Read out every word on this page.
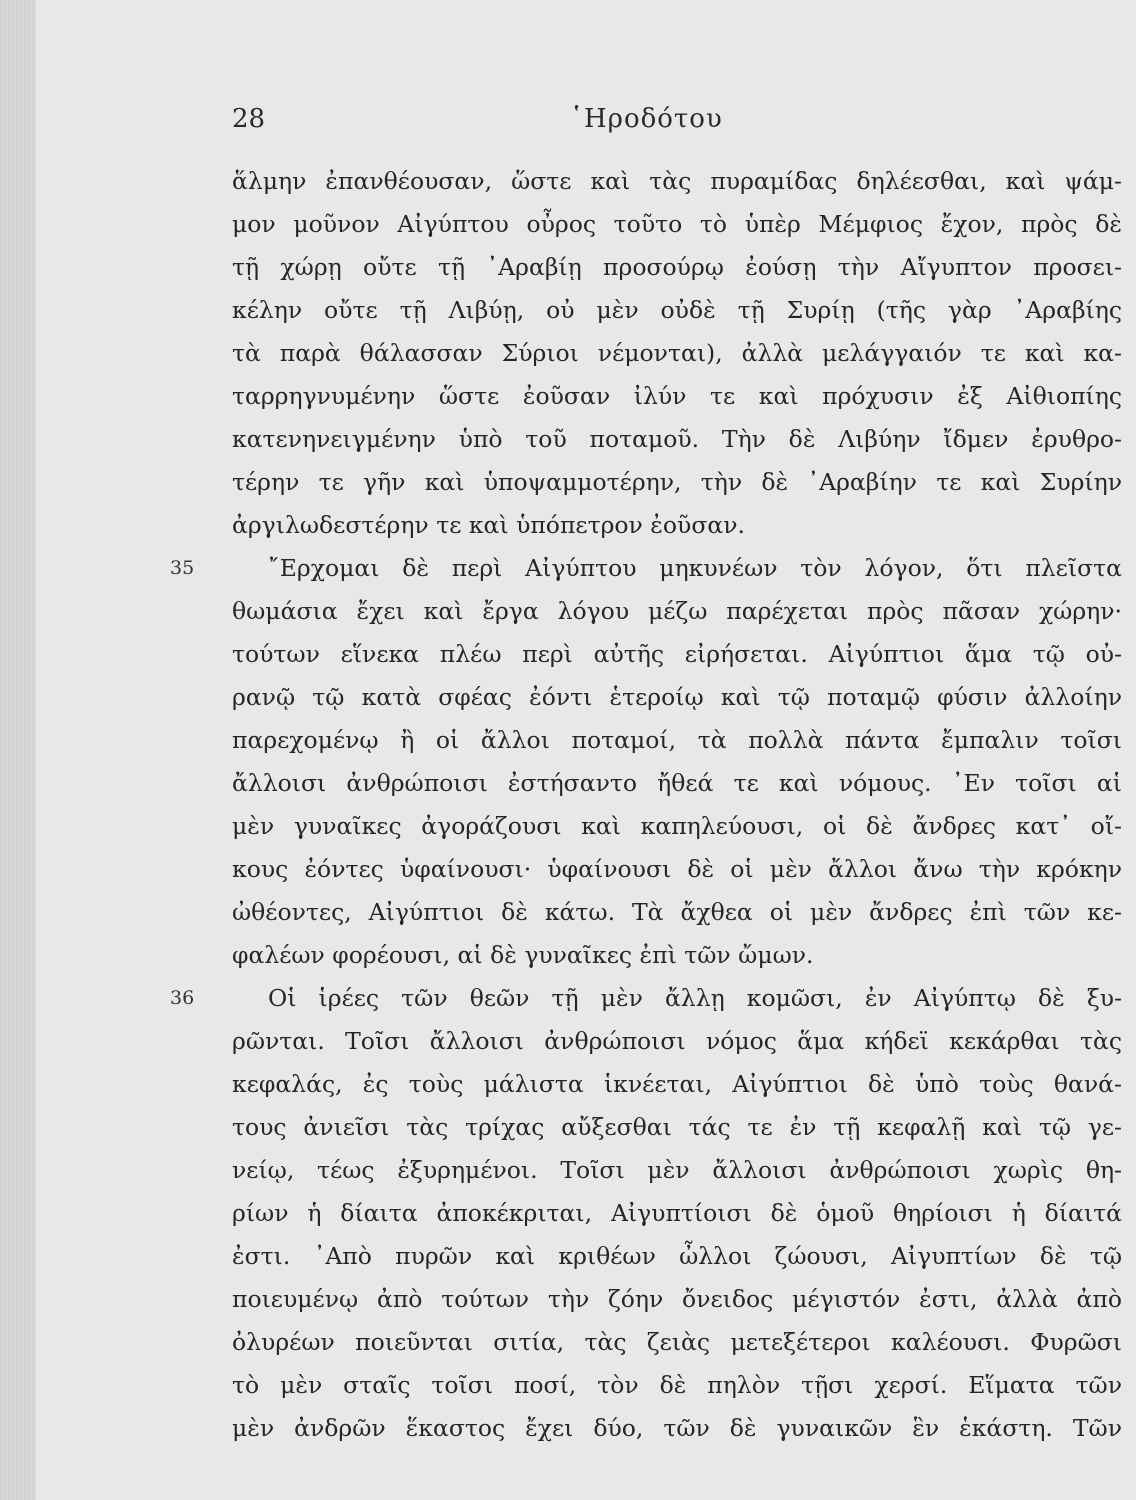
28	῾Ηροδότου
ἅλμην ἐπανθέουσαν, ὥστε καὶ τὰς πυραμίδας δηλέεσθαι, καὶ ψάμ-
μον μοῦνον Αἰγύπτου οὖρος τοῦτο τὸ ὑπὲρ Μέμφιος ἔχον, πρὸς δὲ
τῇ χώρῃ οὔτε τῇ ᾿Αραβίῃ προσούρῳ ἐούσῃ τὴν Αἴγυπτον προσει-
κέλην οὔτε τῇ Λιβύῃ, οὐ μὲν οὐδὲ τῇ Συρίῃ (τῆς γὰρ ᾿Αραβίης
τὰ παρὰ θάλασσαν Σύριοι νέμονται), ἀλλὰ μελάγγαιόν τε καὶ κα-
ταρρηγνυμένην ὥστε ἐοῦσαν ἰλύν τε καὶ πρόχυσιν ἐξ Αἰθιοπίης
κατενηνειγμένην ὑπὸ τοῦ ποταμοῦ. Τὴν δὲ Λιβύην ἴδμεν ἐρυθρο-
τέρην τε γῆν καὶ ὑποψαμμοτέρην, τὴν δὲ ᾿Αραβίην τε καὶ Συρίην
ἀργιλωδεστέρην τε καὶ ὑπόπετρον ἐοῦσαν.
35	῎Ερχομαι δὲ περὶ Αἰγύπτου μηκυνέων τὸν λόγον, ὅτι πλεῖστα
θωμάσια ἔχει καὶ ἔργα λόγου μέζω παρέχεται πρὸς πᾶσαν χώρην·
τούτων εἵνεκα πλέω περὶ αὐτῆς εἰρήσεται. Αἰγύπτιοι ἅμα τῷ οὐ-
ρανῷ τῷ κατὰ σφέας ἐόντι ἑτεροίῳ καὶ τῷ ποταμῷ φύσιν ἀλλοίην
παρεχομένῳ ἢ οἱ ἄλλοι ποταμοί, τὰ πολλὰ πάντα ἔμπαλιν τοῖσι
ἄλλοισι ἀνθρώποισι ἐστήσαντο ἤθεά τε καὶ νόμους. ᾿Εν τοῖσι αἱ
μὲν γυναῖκες ἀγοράζουσι καὶ καπηλεύουσι, οἱ δὲ ἄνδρες κατ᾿ οἴ-
κους ἐόντες ὑφαίνουσι· ὑφαίνουσι δὲ οἱ μὲν ἄλλοι ἄνω τὴν κρόκην
ὠθέοντες, Αἰγύπτιοι δὲ κάτω. Τὰ ἄχθεα οἱ μὲν ἄνδρες ἐπὶ τῶν κε-
φαλέων φορέουσι, αἱ δὲ γυναῖκες ἐπὶ τῶν ὤμων.
36	Οἱ ἱρέες τῶν θεῶν τῇ μὲν ἄλλῃ κομῶσι, ἐν Αἰγύπτῳ δὲ ξυ-
ρῶνται. Τοῖσι ἄλλοισι ἀνθρώποισι νόμος ἅμα κήδεϊ κεκάρθαι τὰς
κεφαλάς, ἐς τοὺς μάλιστα ἱκνέεται, Αἰγύπτιοι δὲ ὑπὸ τοὺς θανά-
τους ἀνιεῖσι τὰς τρίχας αὔξεσθαι τάς τε ἐν τῇ κεφαλῇ καὶ τῷ γε-
νείῳ, τέως ἐξυρημένοι. Τοῖσι μὲν ἄλλοισι ἀνθρώποισι χωρὶς θη-
ρίων ἡ δίαιτα ἀποκέκριται, Αἰγυπτίοισι δὲ ὁμοῦ θηρίοισι ἡ δίαιτά
ἐστι. ᾿Απὸ πυρῶν καὶ κριθέων ὦλλοι ζώουσι, Αἰγυπτίων δὲ τῷ
ποιευμένῳ ἀπὸ τούτων τὴν ζόην ὄνειδος μέγιστόν ἐστι, ἀλλὰ ἀπὸ
ὀλυρέων ποιεῦνται σιτία, τὰς ζειὰς μετεξέτεροι καλέουσι. Φυρῶσι
τὸ μὲν σταῖς τοῖσι ποσί, τὸν δὲ πηλὸν τῇσι χερσί. Εἵματα τῶν
μὲν ἀνδρῶν ἕκαστος ἔχει δύο, τῶν δὲ γυναικῶν ἓν ἑκάστη. Τῶν
